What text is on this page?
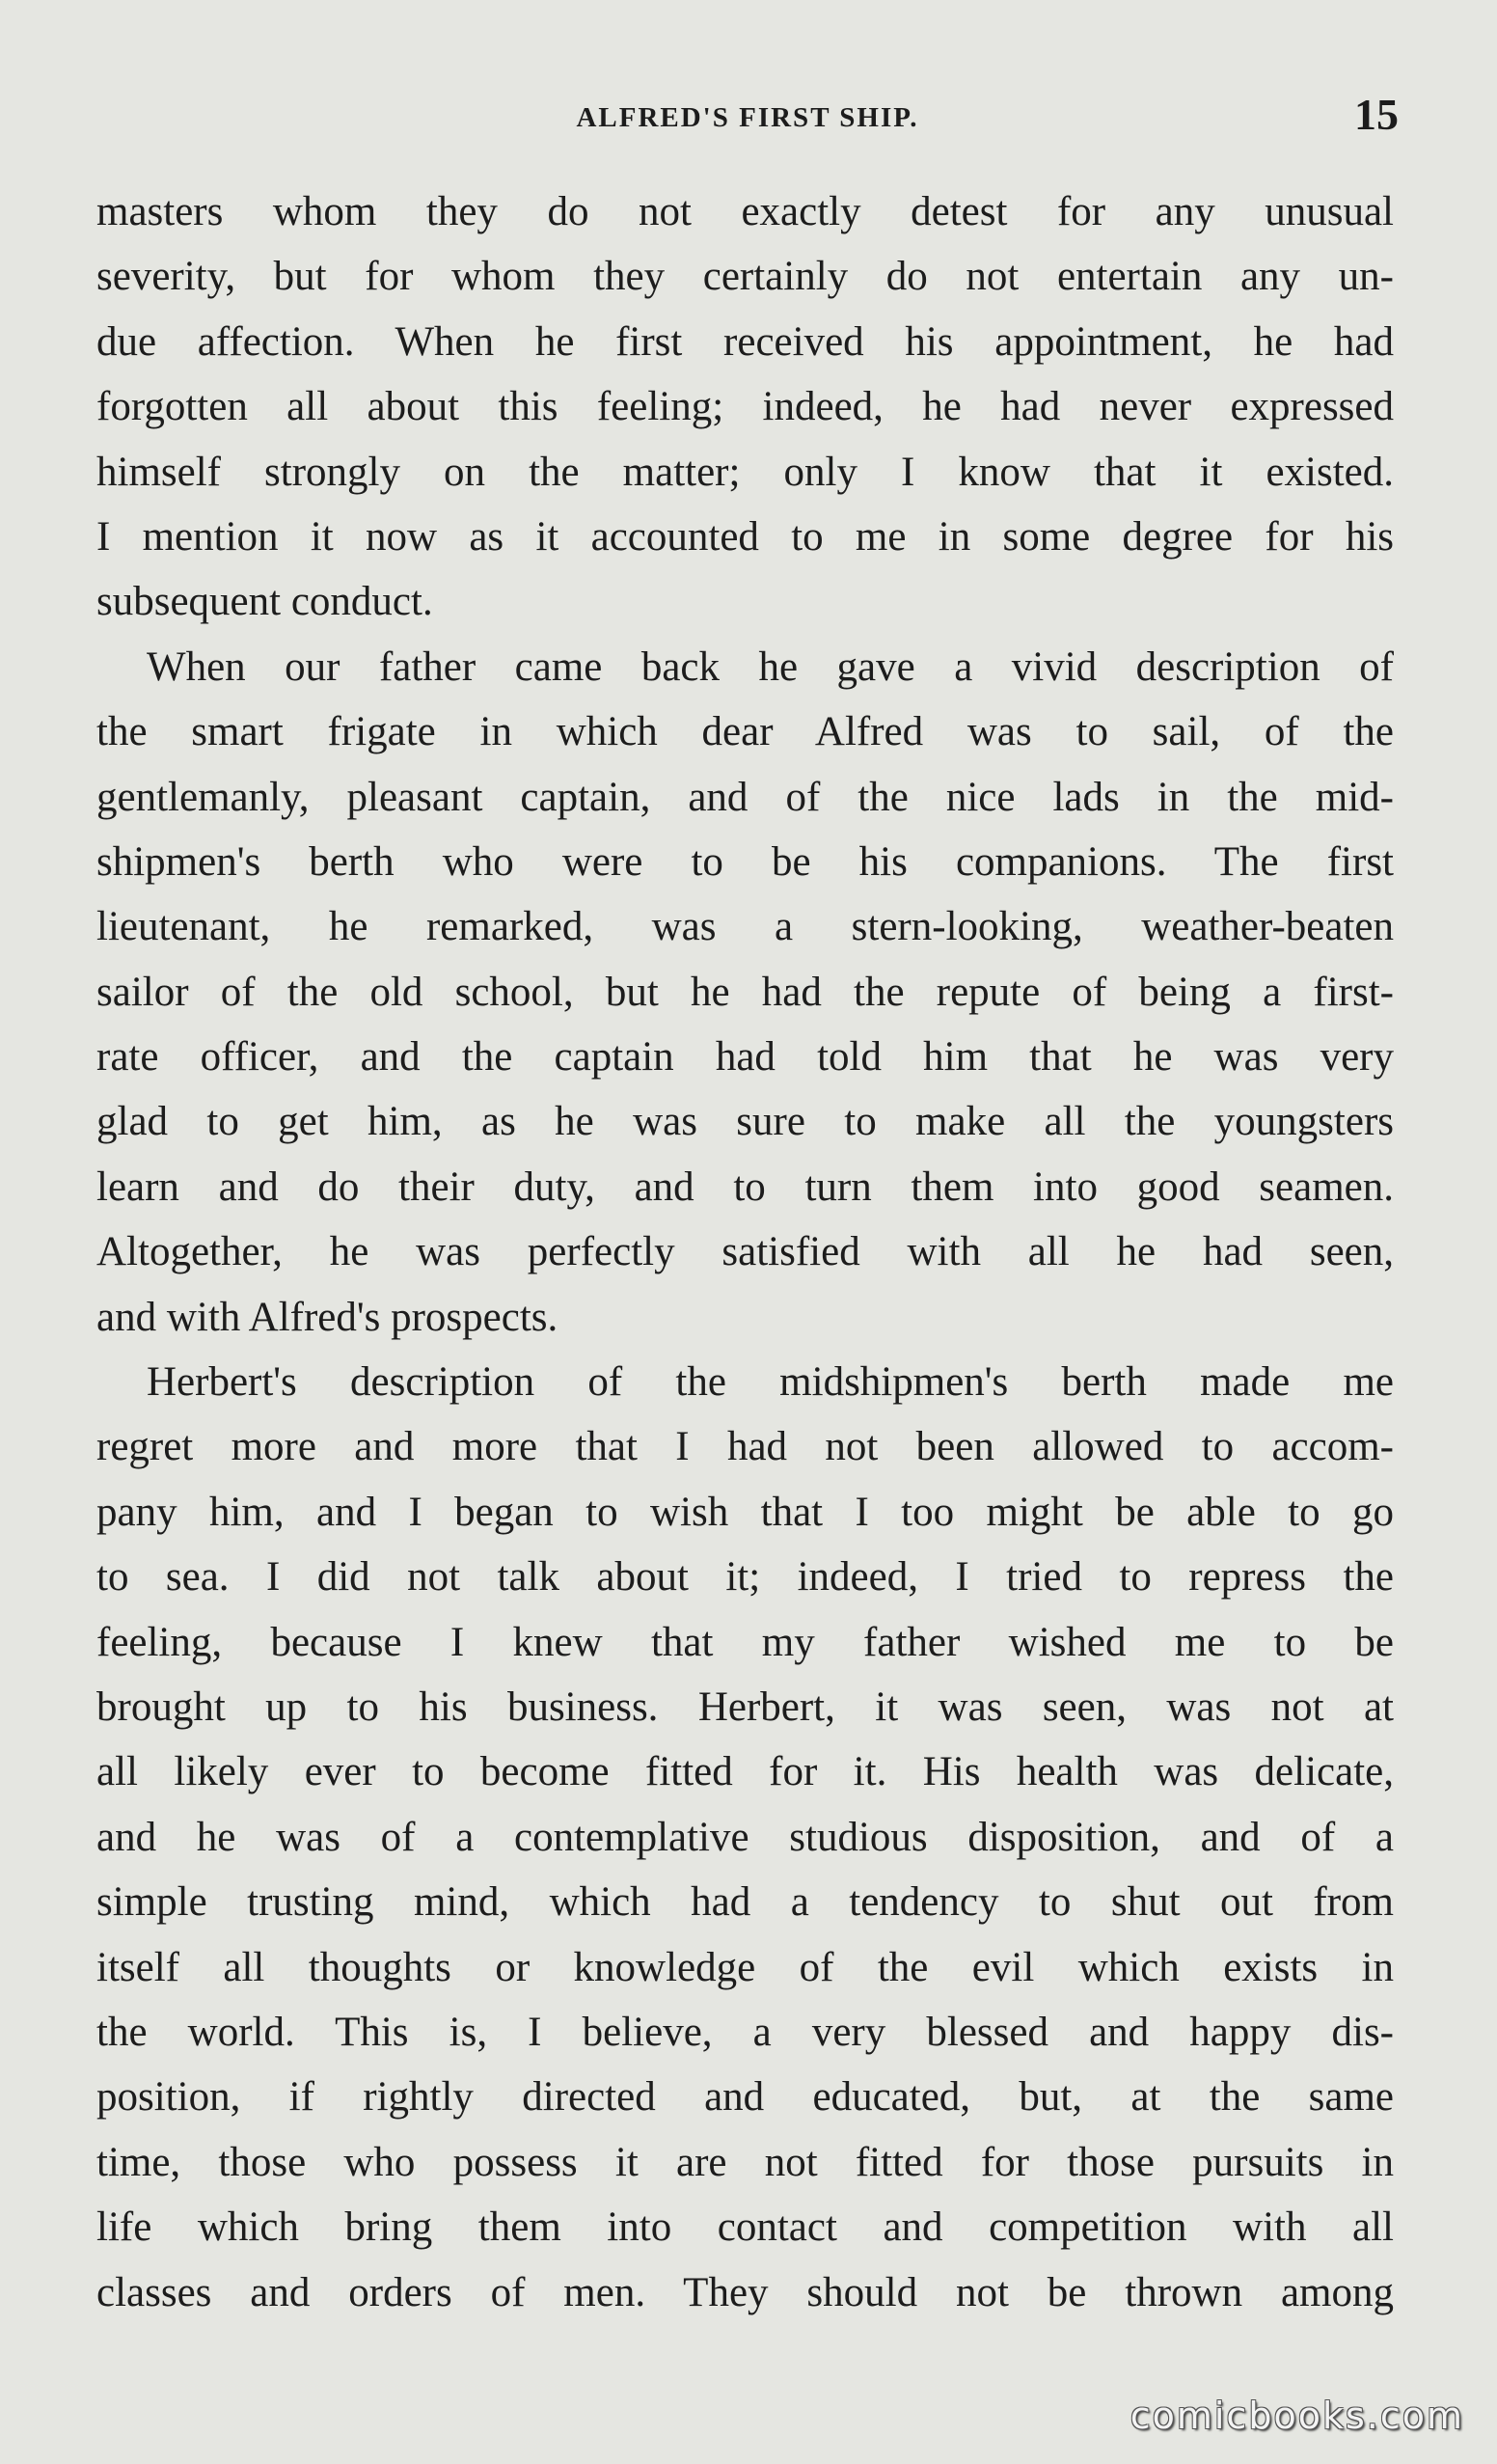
ALFRED'S FIRST SHIP.	15
masters whom they do not exactly detest for any unusual
severity, but for whom they certainly do not entertain any un-
due affection. When he first received his appointment, he had
forgotten all about this feeling; indeed, he had never expressed
himself strongly on the matter; only I know that it existed.
I mention it now as it accounted to me in some degree for his
subsequent conduct.
When our father came back he gave a vivid description of
the smart frigate in which dear Alfred was to sail, of the
gentlemanly, pleasant captain, and of the nice lads in the mid-
shipmen's berth who were to be his companions. The first
lieutenant, he remarked, was a stern-looking, weather-beaten
sailor of the old school, but he had the repute of being a first-
rate officer, and the captain had told him that he was very
glad to get him, as he was sure to make all the youngsters
learn and do their duty, and to turn them into good seamen.
Altogether, he was perfectly satisfied with all he had seen,
and with Alfred's prospects.
Herbert's description of the midshipmen's berth made me
regret more and more that I had not been allowed to accom-
pany him, and I began to wish that I too might be able to go
to sea. I did not talk about it; indeed, I tried to repress the
feeling, because I knew that my father wished me to be
brought up to his business. Herbert, it was seen, was not at
all likely ever to become fitted for it. His health was delicate,
and he was of a contemplative studious disposition, and of a
simple trusting mind, which had a tendency to shut out from
itself all thoughts or knowledge of the evil which exists in
the world. This is, I believe, a very blessed and happy dis-
position, if rightly directed and educated, but, at the same
time, those who possess it are not fitted for those pursuits in
life which bring them into contact and competition with all
classes and orders of men. They should not be thrown among
comicbooks.com
